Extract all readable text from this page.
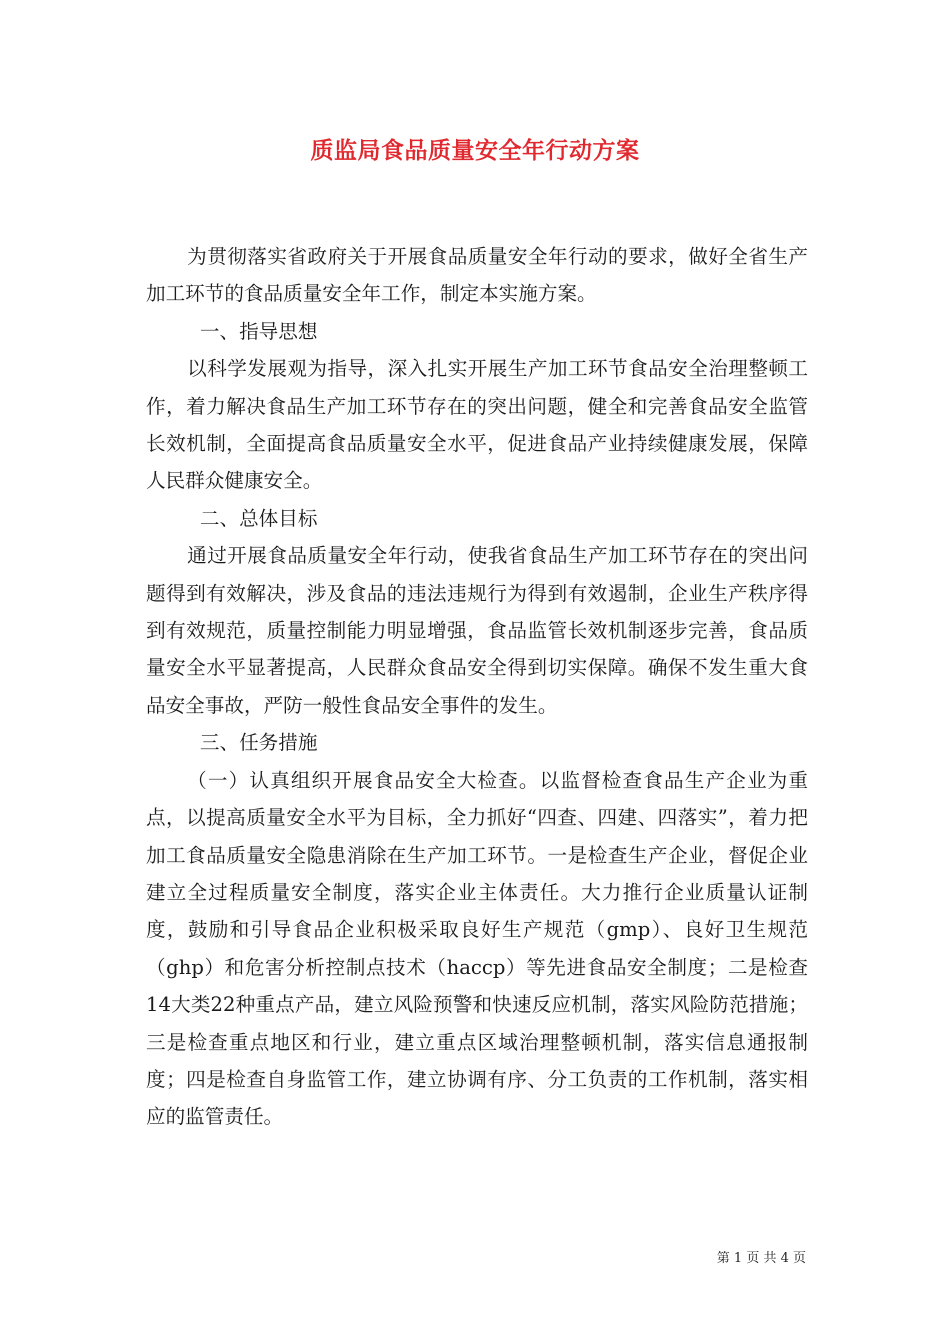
质监局食品质量安全年行动方案

为贯彻落实省政府关于开展食品质量安全年行动的要求，做好全省生产加工环节的食品质量安全年工作，制定本实施方案。

一、指导思想

以科学发展观为指导，深入扎实开展生产加工环节食品安全治理整顿工作，着力解决食品生产加工环节存在的突出问题，健全和完善食品安全监管长效机制，全面提高食品质量安全水平，促进食品产业持续健康发展，保障人民群众健康安全。

二、总体目标

通过开展食品质量安全年行动，使我省食品生产加工环节存在的突出问题得到有效解决，涉及食品的违法违规行为得到有效遏制，企业生产秩序得到有效规范，质量控制能力明显增强，食品监管长效机制逐步完善，食品质量安全水平显著提高，人民群众食品安全得到切实保障。确保不发生重大食品安全事故，严防一般性食品安全事件的发生。

三、任务措施

（一）认真组织开展食品安全大检查。以监督检查食品生产企业为重点，以提高质量安全水平为目标，全力抓好“四查、四建、四落实”，着力把加工食品质量安全隐患消除在生产加工环节。一是检查生产企业，督促企业建立全过程质量安全制度，落实企业主体责任。大力推行企业质量认证制度，鼓励和引导食品企业积极采取良好生产规范（gmp）、良好卫生规范（ghp）和危害分析控制点技术（haccp）等先进食品安全制度；二是检查14大类22种重点产品，建立风险预警和快速反应机制，落实风险防范措施；三是检查重点地区和行业，建立重点区域治理整顿机制，落实信息通报制度；四是检查自身监管工作，建立协调有序、分工负责的工作机制，落实相应的监管责任。

第 1 页 共 4 页
